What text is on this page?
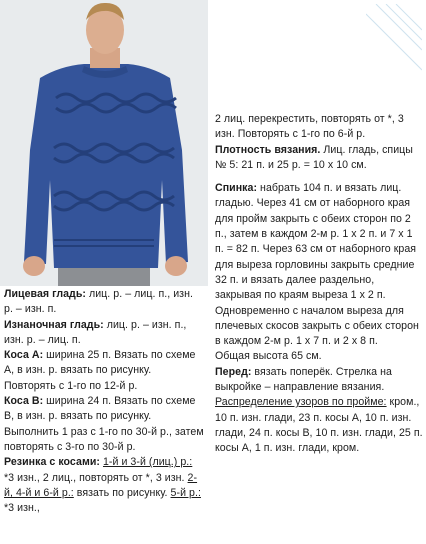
Лицевая гладь: лиц. р. – лиц. п., изн. р. – изн. п.

Изнаночная гладь: лиц. р. – изн. п., изн. р. – лиц. п.

Коса А: ширина 25 п. Вязать по схеме А, в изн. р. вязать по рисунку. Повторять с 1-го по 12-й р.

Коса В: ширина 24 п. Вязать по схеме В, в изн. р. вязать по рисунку. Выполнить 1 раз с 1-го по 30-й р., затем повторять с 3-го по 30-й р.

Резинка с косами: 1-й и 3-й (лиц.) р.: *3 изн., 2 лиц., повторять от *, 3 изн. 2-й, 4-й и 6-й р.: вязать по рисунку. 5-й р.: *3 изн.,

2 лиц. перекрестить, повторять от *, 3 изн. Повторять с 1-го по 6-й р.

Плотность вязания. Лиц. гладь, спицы № 5: 21 п. и 25 р. = 10 х 10 см.

Спинка: набрать 104 п. и вязать лиц. гладью. Через 41 см от наборного края для пройм закрыть с обеих сторон по 2 п., затем в каждом 2-м р. 1 х 2 п. и 7 х 1 п. = 82 п. Через 63 см от наборного края для выреза горловины закрыть средние 32 п. и вязать далее раздельно, закрывая по краям выреза 1 х 2 п. Одновременно с началом выреза для плечевых скосов закрыть с обеих сторон в каждом 2-м р. 1 х 7 п. и 2 х 8 п.

Общая высота 65 см.

Перед: вязать поперёк. Стрелка на выкройке – направление вязания. Распределение узоров по пройме: кром., 10 п. изн. глади, 23 п. косы А, 10 п. изн. глади, 24 п. косы В, 10 п. изн. глади, 25 п. косы А, 1 п. изн. глади, кром.
